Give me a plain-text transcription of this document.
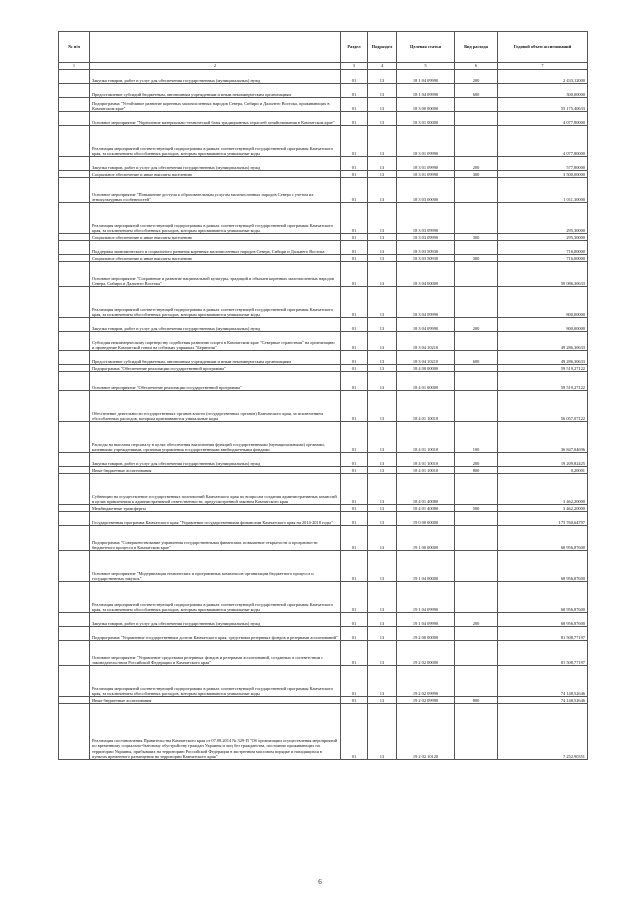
№ п/п		Раздел	Подраздел	Целевая статья	Вид расхода	Годовой объем ассигнований
1	2	3	4	5	6	7
	Закупка товаров, работ и услуг для обеспечения государственных (муниципальных) нужд	01	13	18 1 04 09990	200	2 433,12000
	Предоставление субсидий бюджетным, автономным учреждениям и иным некоммерческим организациям	01	13	18 1 04 09990	600	300,00000
	Подпрограмма "Устойчивое развитие коренных малочисленных народов Севера, Сибири и Дальнего Востока, проживающих в Камчатском крае"	01	13	18 3 00 00000		55 175,40633
	Основное мероприятие "Укрепление материально-технической базы традиционных отраслей хозяйствования в Камчатском крае"	01	13	18 3 01 00000		4 077,80000
	Реализация мероприятий соответствующей подпрограммы в рамках соответствующей государственной программы Камчатского края, за исключением обособленных расходов, которым присваиваются уникальные коды	01	13	18 3 01 09990		4 077,80000
	Закупка товаров, работ и услуг для обеспечения государственных (муниципальных) нужд	01	13	18 3 01 09990	200	577,80000
	Социальное обеспечение и иные выплаты населению	01	13	18 3 01 09990	300	3 500,00000
	Основное мероприятие "Повышение доступа к образовательным услугам малочисленных народов Севера с учетом их этнокультурных особенностей"	01	13	18 3 03 00000		1 011,30000
	Реализация мероприятий соответствующей подпрограммы в рамках соответствующей государственной программы Камчатского края, за исключением обособленных расходов, которым присваиваются уникальные коды	01	13	18 3 03 09990		295,30000
	Социальное обеспечение и иные выплаты населению	01	13	18 3 03 09990	300	295,30000
	Поддержка экономического и социального развития коренных малочисленных народов Севера, Сибири и Дальнего Востока	01	13	18 3 03 50930		716,00000
	Социальное обеспечение и иные выплаты населению	01	13	18 3 03 50930	300	716,00000
	Основное мероприятие "Сохранение и развитие национальной культуры, традиций и обычаев коренных малочисленных народов Севера, Сибири и Дальнего Востока"	01	13	18 3 04 00000		50 086,30633
	Реализация мероприятий соответствующей подпрограммы в рамках соответствующей государственной программы Камчатского края, за исключением обособленных расходов, которым присваиваются уникальные коды	01	13	18 3 04 09990		800,00000
	Закупка товаров, работ и услуг для обеспечения государственных (муниципальных) нужд	01	13	18 3 04 09990	200	800,00000
	Субсидия некоммерческому партнерству содействия развитию спорта в Камчатском крае "Северные странствия" на организацию и проведение Камчатской гонки на собачьих упряжках "Берингия"	01	13	18 3 04 10210		49 286,30633
	Предоставление субсидий бюджетным, автономным учреждениям и иным некоммерческим организациям	01	13	18 3 04 10210	600	49 286,30633
	Подпрограмма "Обеспечение реализации государственной программы"	01	13	18 4 00 00000		59 519,27122
	Основное мероприятие "Обеспечение реализации государственной программы"	01	13	18 4 01 00000		59 519,27122
	Обеспечение деятельности государственных органов власти (государственных органов) Камчатского края, за исключением обособленных расходов, которым присваиваются уникальные коды	01	13	18 4 01 10010		56 057,07122
	Расходы на выплаты персоналу в целях обеспечения выполнения функций государственными (муниципальными) органами, казенными учреждениями, органами управления государственными внебюджетными фондами	01	13	18 4 01 10010	100	36 847,04696
	Закупка товаров, работ и услуг для обеспечения государственных (муниципальных) нужд	01	13	18 4 01 10010	200	19 209,82425
	Иные бюджетные ассигнования	01	13	18 4 01 10010	800	0,20001
	Субвенции на осуществление государственных полномочий Камчатского края по вопросам создания административных комиссий в целях привлечения к административной ответственности, предусмотренной законом Камчатского края	01	13	18 4 01 40080		3 462,20000
	Межбюджетные трансферты	01	13	18 4 01 40080	500	3 462,20000
	Государственная программа Камчатского края "Управление государственными финансами Камчатского края на 2014-2018 годы"	01	13	19 0 00 00000		173 760,64797
	Подпрограмма "Совершенствование управления государственными финансами, повышение открытости и прозрачности бюджетного процесса в Камчатском крае"	01	13	19 1 00 00000		68 956,87600
	Основное мероприятие "Модернизация технических и программных комплексов организации бюджетного процесса и государственных закупок"	01	13	19 1 04 00000		68 956,87600
	Реализация мероприятий соответствующей подпрограммы в рамках соответствующей государственной программы Камчатского края, за исключением обособленных расходов, которым присваиваются уникальные коды	01	13	19 1 04 09990		68 956,87600
	Закупка товаров, работ и услуг для обеспечения государственных (муниципальных) нужд	01	13	19 1 04 09990	200	68 956,87600
	Подпрограмма "Управление государственным долгом Камчатского края, средствами резервных фондов и резервами ассигнований"	01	13	19 2 00 00000		81 508,77197
	Основное мероприятие "Управление средствами резервных фондов и резервами ассигнований, созданных в соответствии с законодательством Российской Федерации и Камчатского края"	01	13	19 2 02 00000		81 508,77197
	Реализация мероприятий соответствующей подпрограммы в рамках соответствующей государственной программы Камчатского края, за исключением обособленных расходов, которым присваиваются уникальные коды	01	13	19 2 02 09990		74 148,52646
	Иные бюджетные ассигнования	01	13	19 2 02 09990	800	74 148,52646
	Реализация постановления Правительства Камчатского края от 07.08.2014 № 329-П "Об организации осуществления мероприятий по временному социально-бытовому обустройству граждан Украины и лиц без гражданства, постоянно проживающих на территории Украины, прибывших на территорию Российской Федерации в экстренном массовом порядке и находящихся в пунктах временного размещения на территории Камчатского края"	01	13	19 2 02 10120		7 252,90351
6
